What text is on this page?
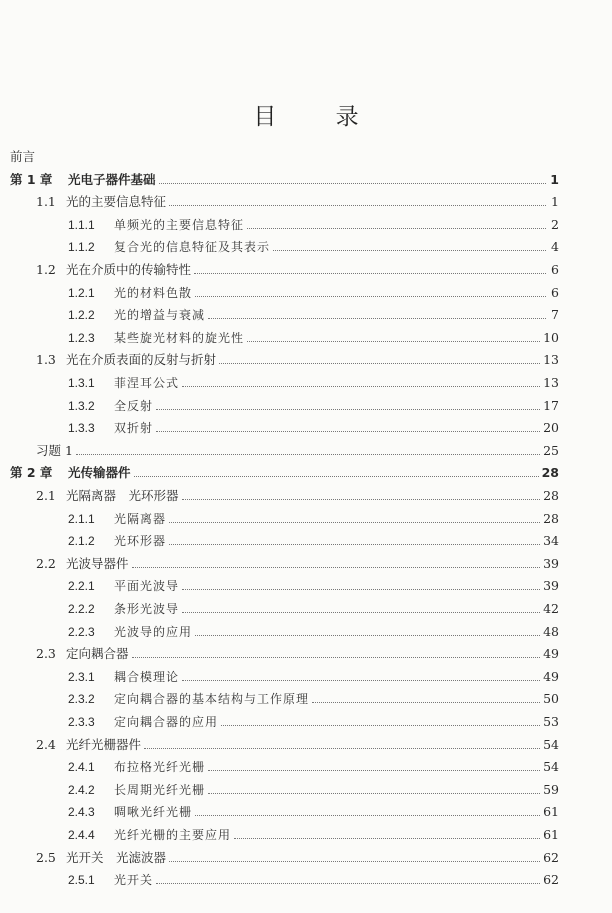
目 录
前言
第 1 章	光电子器件基础	1
1.1 光的主要信息特征	1
1.1.1	单频光的主要信息特征	2
1.1.2	复合光的信息特征及其表示	4
1.2 光在介质中的传输特性	6
1.2.1	光的材料色散	6
1.2.2	光的增益与衰减	7
1.2.3	某些旋光材料的旋光性	10
1.3 光在介质表面的反射与折射	13
1.3.1	菲涅耳公式	13
1.3.2	全反射	17
1.3.3	双折射	20
习题 1	25
第 2 章	光传输器件	28
2.1 光隔离器　光环形器	28
2.1.1	光隔离器	28
2.1.2	光环形器	34
2.2 光波导器件	39
2.2.1	平面光波导	39
2.2.2	条形光波导	42
2.2.3	光波导的应用	48
2.3 定向耦合器	49
2.3.1	耦合模理论	49
2.3.2	定向耦合器的基本结构与工作原理	50
2.3.3	定向耦合器的应用	53
2.4 光纤光栅器件	54
2.4.1	布拉格光纤光栅	54
2.4.2	长周期光纤光栅	59
2.4.3	啁啾光纤光栅	61
2.4.4	光纤光栅的主要应用	61
2.5 光开关　光滤波器	62
2.5.1	光开关	62
